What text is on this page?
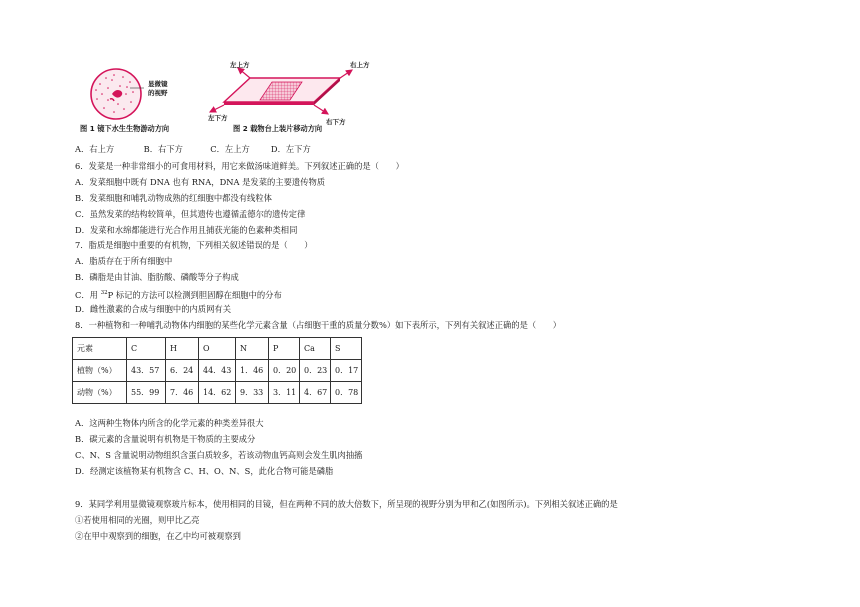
显微镜
的视野
图 1 镜下水生生物游动方向
左上方	右上方
左下方	右下方
图 2 载物台上装片移动方向
A．右上方	B．右下方	C．左上方	D．左下方
6．发菜是一种非常细小的可食用材料，用它来做汤味道鲜美。下列叙述正确的是（　　）
A．发菜细胞中既有 DNA 也有 RNA，DNA 是发菜的主要遗传物质
B．发菜细胞和哺乳动物成熟的红细胞中都没有线粒体
C．虽然发菜的结构较简单，但其遗传也遵循孟德尔的遗传定律
D．发菜和水绵都能进行光合作用且捕获光能的色素种类相同
7．脂质是细胞中重要的有机物，下列相关叙述错误的是（　　）
A．脂质存在于所有细胞中
B．磷脂是由甘油、脂肪酸、磷酸等分子构成
C．用 $^{32}$P 标记的方法可以检测到胆固醇在细胞中的分布
D．雌性激素的合成与细胞中的内质网有关
8．一种植物和一种哺乳动物体内细胞的某些化学元素含量（占细胞干重的质量分数%）如下表所示，下列有关叙述正确的是（　　）
元素	C	H	O	N	P	Ca	S
植物（%）	43．57	6．24	44．43	1．46	0．20	0．23	0．17
动物（%）	55．99	7．46	14．62	9．33	3．11	4．67	0．78
A．这两种生物体内所含的化学元素的种类差异很大
B．碳元素的含量说明有机物是干物质的主要成分
C、N、S 含量说明动物组织含蛋白质较多，若该动物血钙高则会发生肌肉抽搐
D．经测定该植物某有机物含 C、H、O、N、S，此化合物可能是磷脂
9．某同学利用显微镜观察玻片标本，使用相同的目镜，但在两种不同的放大倍数下，所呈现的视野分别为甲和乙(如图所示)。下列相关叙述正确的是
①若使用相同的光圈，则甲比乙亮
②在甲中观察到的细胞，在乙中均可被观察到
